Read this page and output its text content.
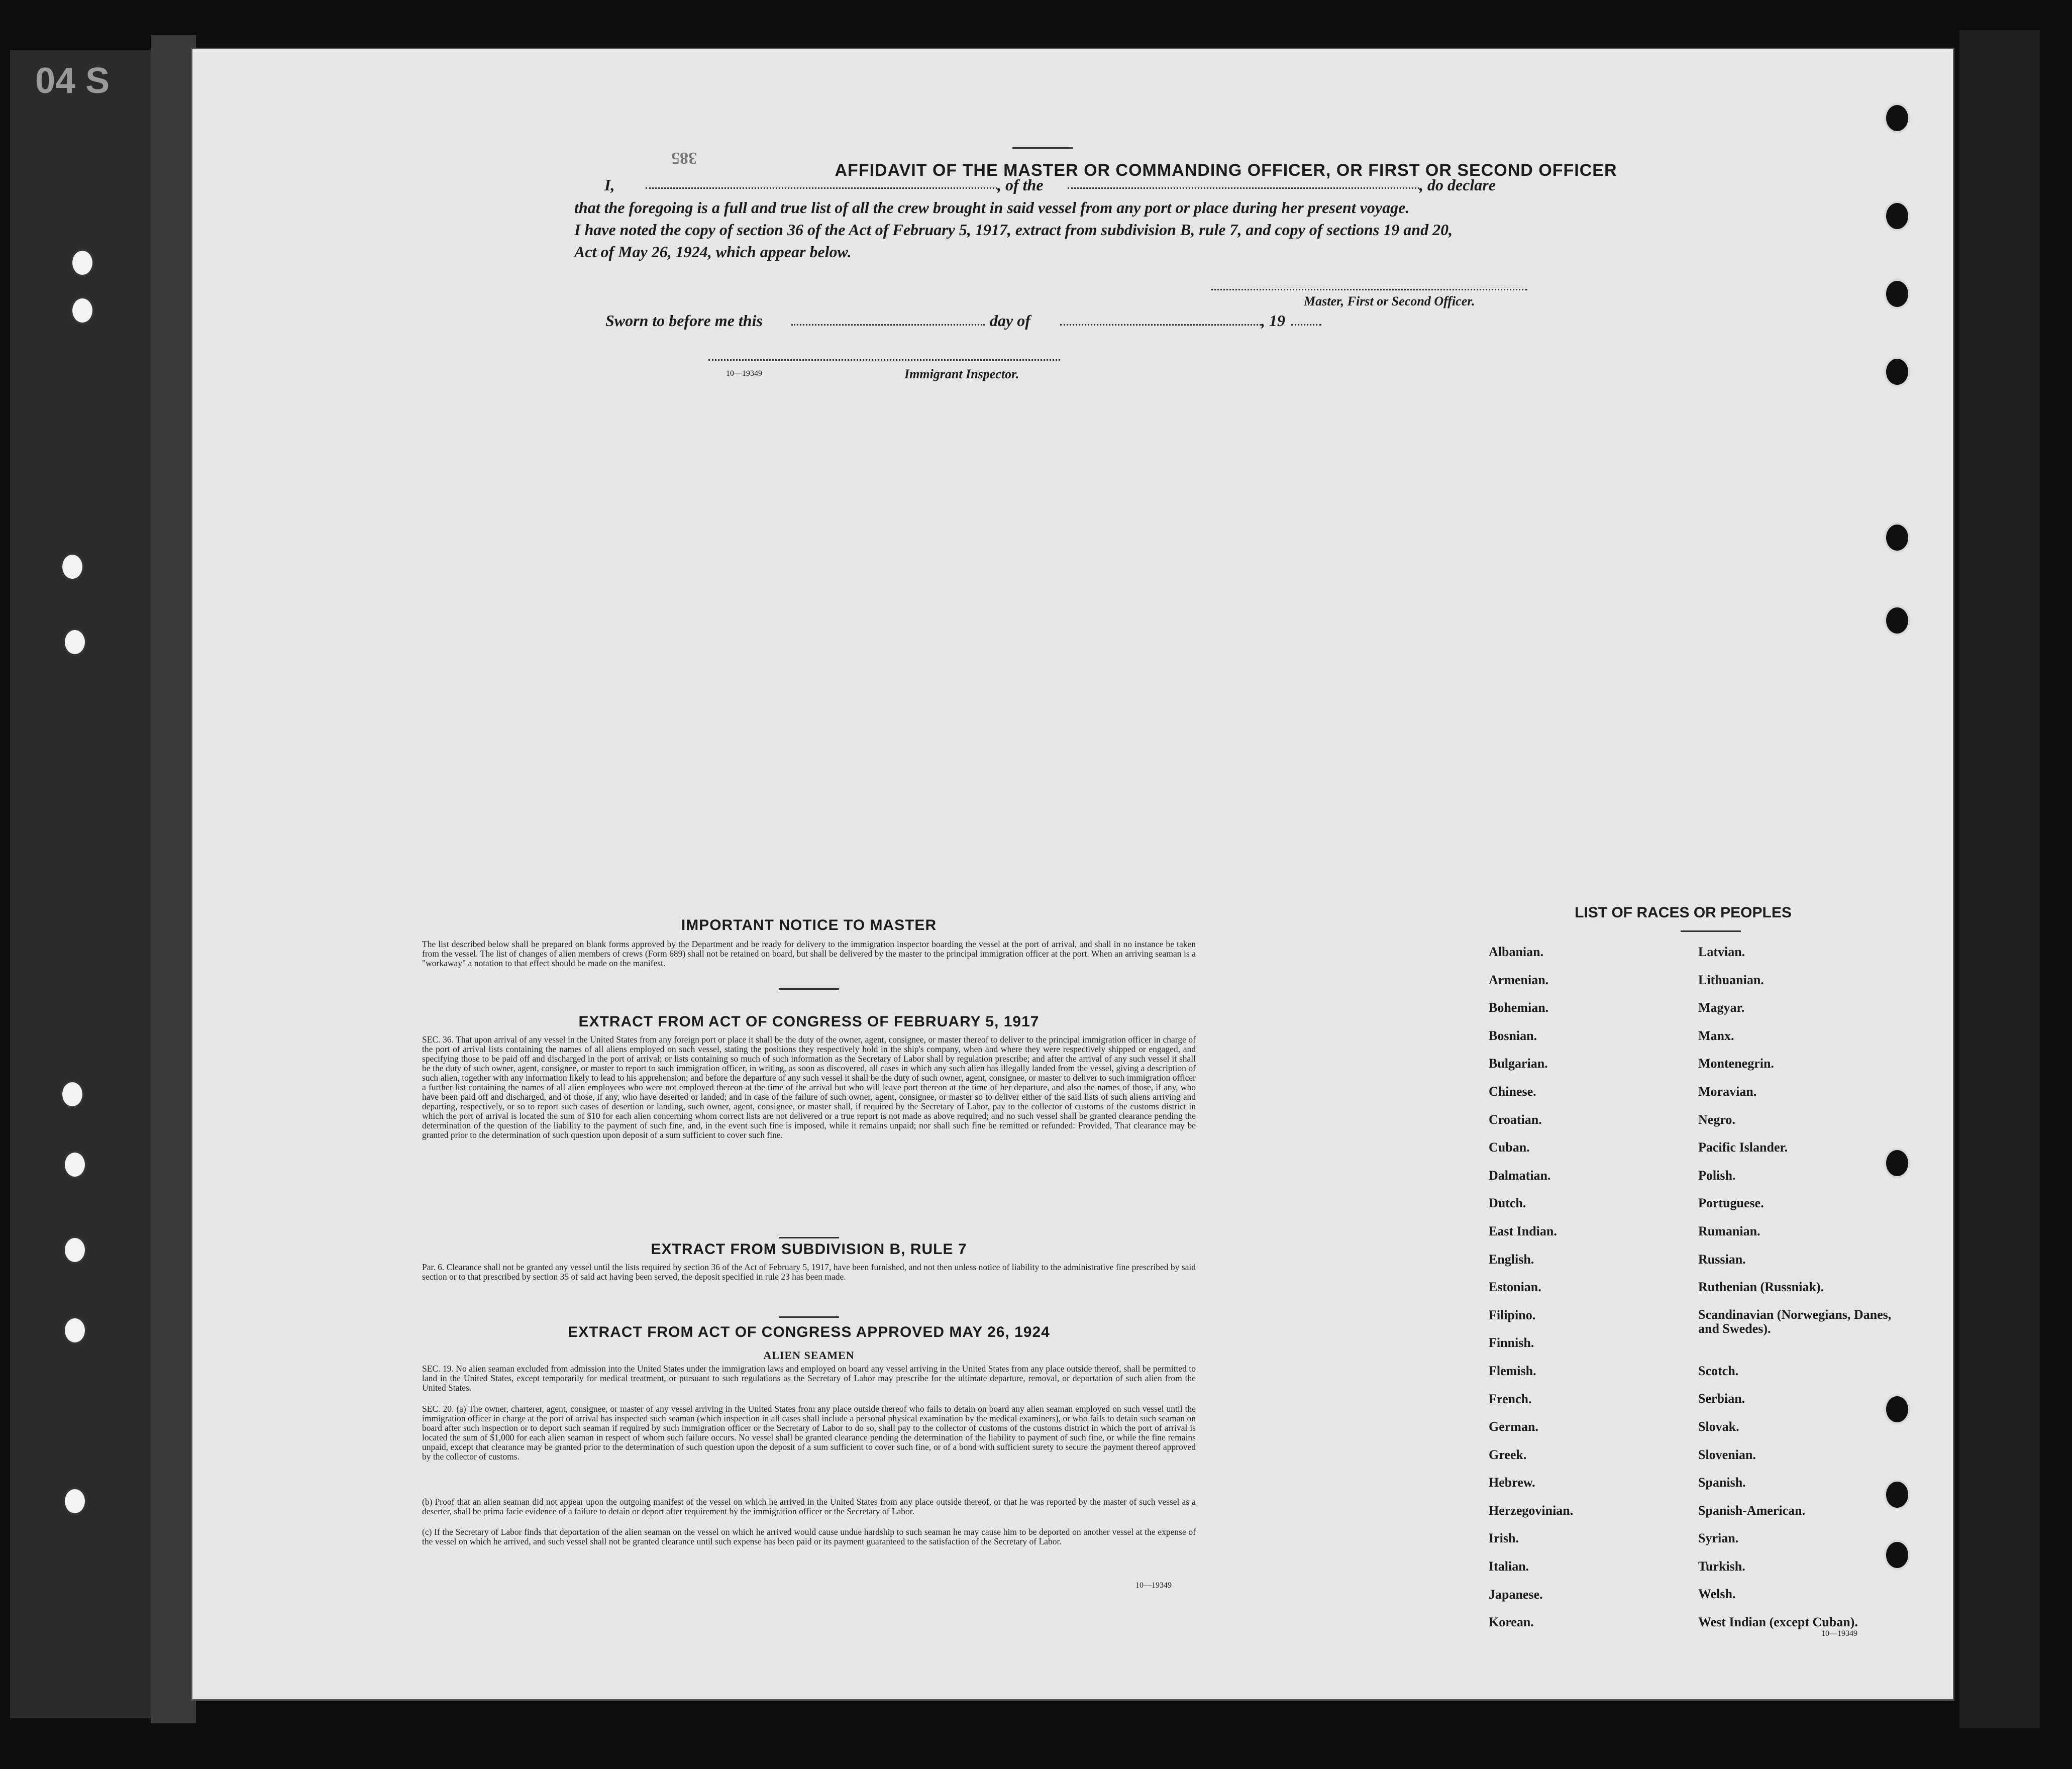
04 S
385
AFFIDAVIT OF THE MASTER OR COMMANDING OFFICER, OR FIRST OR SECOND OFFICER
I,	, of the	, do declare
that the foregoing is a full and true list of all the crew brought in said vessel from any port or place during her present voyage.
I have noted the copy of section 36 of the Act of February 5, 1917, extract from subdivision B, rule 7, and copy of sections 19 and 20,
Act of May 26, 1924, which appear below.
Master, First or Second Officer.
Sworn to before me this	day of	, 19
10—19349	Immigrant Inspector.
IMPORTANT NOTICE TO MASTER

The list described below shall be prepared on blank forms approved by the Department and be ready for delivery to the immigration inspector boarding the vessel at the port of arrival, and shall in no instance be taken from the vessel. The list of changes of alien members of crews (Form 689) shall not be retained on board, but shall be delivered by the master to the principal immigration officer at the port. When an arriving seaman is a "workaway" a notation to that effect should be made on the manifest.

EXTRACT FROM ACT OF CONGRESS OF FEBRUARY 5, 1917

SEC. 36. That upon arrival of any vessel in the United States from any foreign port or place it shall be the duty of the owner, agent, consignee, or master thereof to deliver to the principal immigration officer in charge of the port of arrival lists containing the names of all aliens employed on such vessel, stating the positions they respectively hold in the ship's company, when and where they were respectively shipped or engaged, and specifying those to be paid off and discharged in the port of arrival; or lists containing so much of such information as the Secretary of Labor shall by regulation prescribe; and after the arrival of any such vessel it shall be the duty of such owner, agent, consignee, or master to report to such immigration officer, in writing, as soon as discovered, all cases in which any such alien has illegally landed from the vessel, giving a description of such alien, together with any information likely to lead to his apprehension; and before the departure of any such vessel it shall be the duty of such owner, agent, consignee, or master to deliver to such immigration officer a further list containing the names of all alien employees who were not employed thereon at the time of the arrival but who will leave port thereon at the time of her departure, and also the names of those, if any, who have been paid off and discharged, and of those, if any, who have deserted or landed; and in case of the failure of such owner, agent, consignee, or master so to deliver either of the said lists of such aliens arriving and departing, respectively, or so to report such cases of desertion or landing, such owner, agent, consignee, or master shall, if required by the Secretary of Labor, pay to the collector of customs of the customs district in which the port of arrival is located the sum of $10 for each alien concerning whom correct lists are not delivered or a true report is not made as above required; and no such vessel shall be granted clearance pending the determination of the question of the liability to the payment of such fine, and, in the event such fine is imposed, while it remains unpaid; nor shall such fine be remitted or refunded: Provided, That clearance may be granted prior to the determination of such question upon deposit of a sum sufficient to cover such fine.

EXTRACT FROM SUBDIVISION B, RULE 7

Par. 6. Clearance shall not be granted any vessel until the lists required by section 36 of the Act of February 5, 1917, have been furnished, and not then unless notice of liability to the administrative fine prescribed by said section or to that prescribed by section 35 of said act having been served, the deposit specified in rule 23 has been made.

EXTRACT FROM ACT OF CONGRESS APPROVED MAY 26, 1924
ALIEN SEAMEN

SEC. 19. No alien seaman excluded from admission into the United States under the immigration laws and employed on board any vessel arriving in the United States from any place outside thereof, shall be permitted to land in the United States, except temporarily for medical treatment, or pursuant to such regulations as the Secretary of Labor may prescribe for the ultimate departure, removal, or deportation of such alien from the United States.

SEC. 20. (a) The owner, charterer, agent, consignee, or master of any vessel arriving in the United States from any place outside thereof who fails to detain on board any alien seaman employed on such vessel until the immigration officer in charge at the port of arrival has inspected such seaman (which inspection in all cases shall include a personal physical examination by the medical examiners), or who fails to detain such seaman on board after such inspection or to deport such seaman if required by such immigration officer or the Secretary of Labor to do so, shall pay to the collector of customs of the customs district in which the port of arrival is located the sum of $1,000 for each alien seaman in respect of whom such failure occurs. No vessel shall be granted clearance pending the determination of the liability to payment of such fine, or while the fine remains unpaid, except that clearance may be granted prior to the determination of such question upon the deposit of a sum sufficient to cover such fine, or of a bond with sufficient surety to secure the payment thereof approved by the collector of customs.

(b) Proof that an alien seaman did not appear upon the outgoing manifest of the vessel on which he arrived in the United States from any place outside thereof, or that he was reported by the master of such vessel as a deserter, shall be prima facie evidence of a failure to detain or deport after requirement by the immigration officer or the Secretary of Labor.

(c) If the Secretary of Labor finds that deportation of the alien seaman on the vessel on which he arrived would cause undue hardship to such seaman he may cause him to be deported on another vessel at the expense of the vessel on which he arrived, and such vessel shall not be granted clearance until such expense has been paid or its payment guaranteed to the satisfaction of the Secretary of Labor.

10—19349
LIST OF RACES OR PEOPLES
Albanian.
Armenian.
Bohemian.
Bosnian.
Bulgarian.
Chinese.
Croatian.
Cuban.
Dalmatian.
Dutch.
East Indian.
English.
Estonian.
Filipino.
Finnish.
Flemish.
French.
German.
Greek.
Hebrew.
Herzegovinian.
Irish.
Italian.
Japanese.
Korean.
Latvian.
Lithuanian.
Magyar.
Manx.
Montenegrin.
Moravian.
Negro.
Pacific Islander.
Polish.
Portuguese.
Rumanian.
Russian.
Ruthenian (Russniak).
Scandinavian (Norwegians, Danes, and Swedes).
Scotch.
Serbian.
Slovak.
Slovenian.
Spanish.
Spanish-American.
Syrian.
Turkish.
Welsh.
West Indian (except Cuban).
10—19349
